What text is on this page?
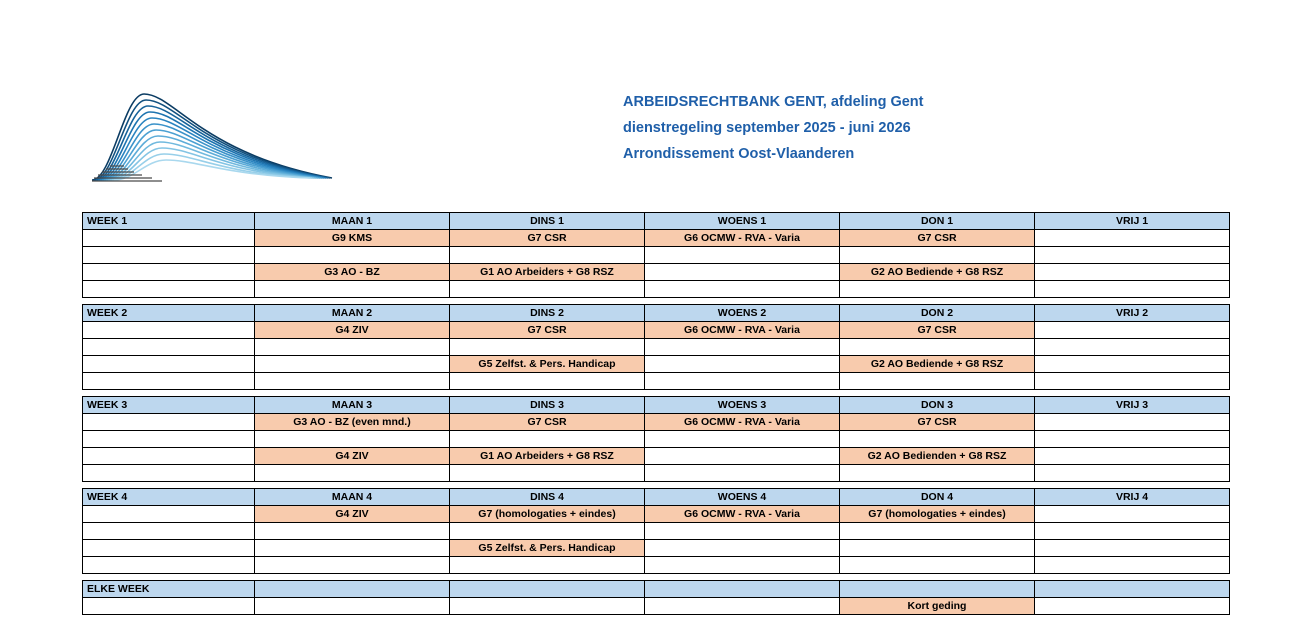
ARBEIDSRECHTBANK GENT, afdeling Gent
dienstregeling september 2025 - juni 2026
Arrondissement Oost-Vlaanderen
WEEK 1	MAAN 1	DINS 1	WOENS 1	DON 1	VRIJ 1
	G9 KMS	G7 CSR	G6 OCMW - RVA - Varia	G7 CSR	

	G3 AO - BZ	G1 AO Arbeiders + G8 RSZ		G2 AO Bediende + G8 RSZ	

WEEK 2	MAAN 2	DINS 2	WOENS 2	DON 2	VRIJ 2
	G4 ZIV	G7 CSR	G6 OCMW - RVA - Varia	G7 CSR	

		G5 Zelfst. & Pers. Handicap		G2 AO Bediende + G8 RSZ	

WEEK 3	MAAN 3	DINS 3	WOENS 3	DON 3	VRIJ 3
	G3 AO - BZ (even mnd.)	G7 CSR	G6 OCMW - RVA - Varia	G7 CSR	

	G4 ZIV	G1 AO Arbeiders + G8 RSZ		G2 AO Bedienden + G8 RSZ	

WEEK 4	MAAN 4	DINS 4	WOENS 4	DON 4	VRIJ 4
	G4 ZIV	G7 (homologaties + eindes)	G6 OCMW - RVA - Varia	G7 (homologaties + eindes)	

		G5 Zelfst. & Pers. Handicap			

ELKE WEEK					
				Kort geding	
